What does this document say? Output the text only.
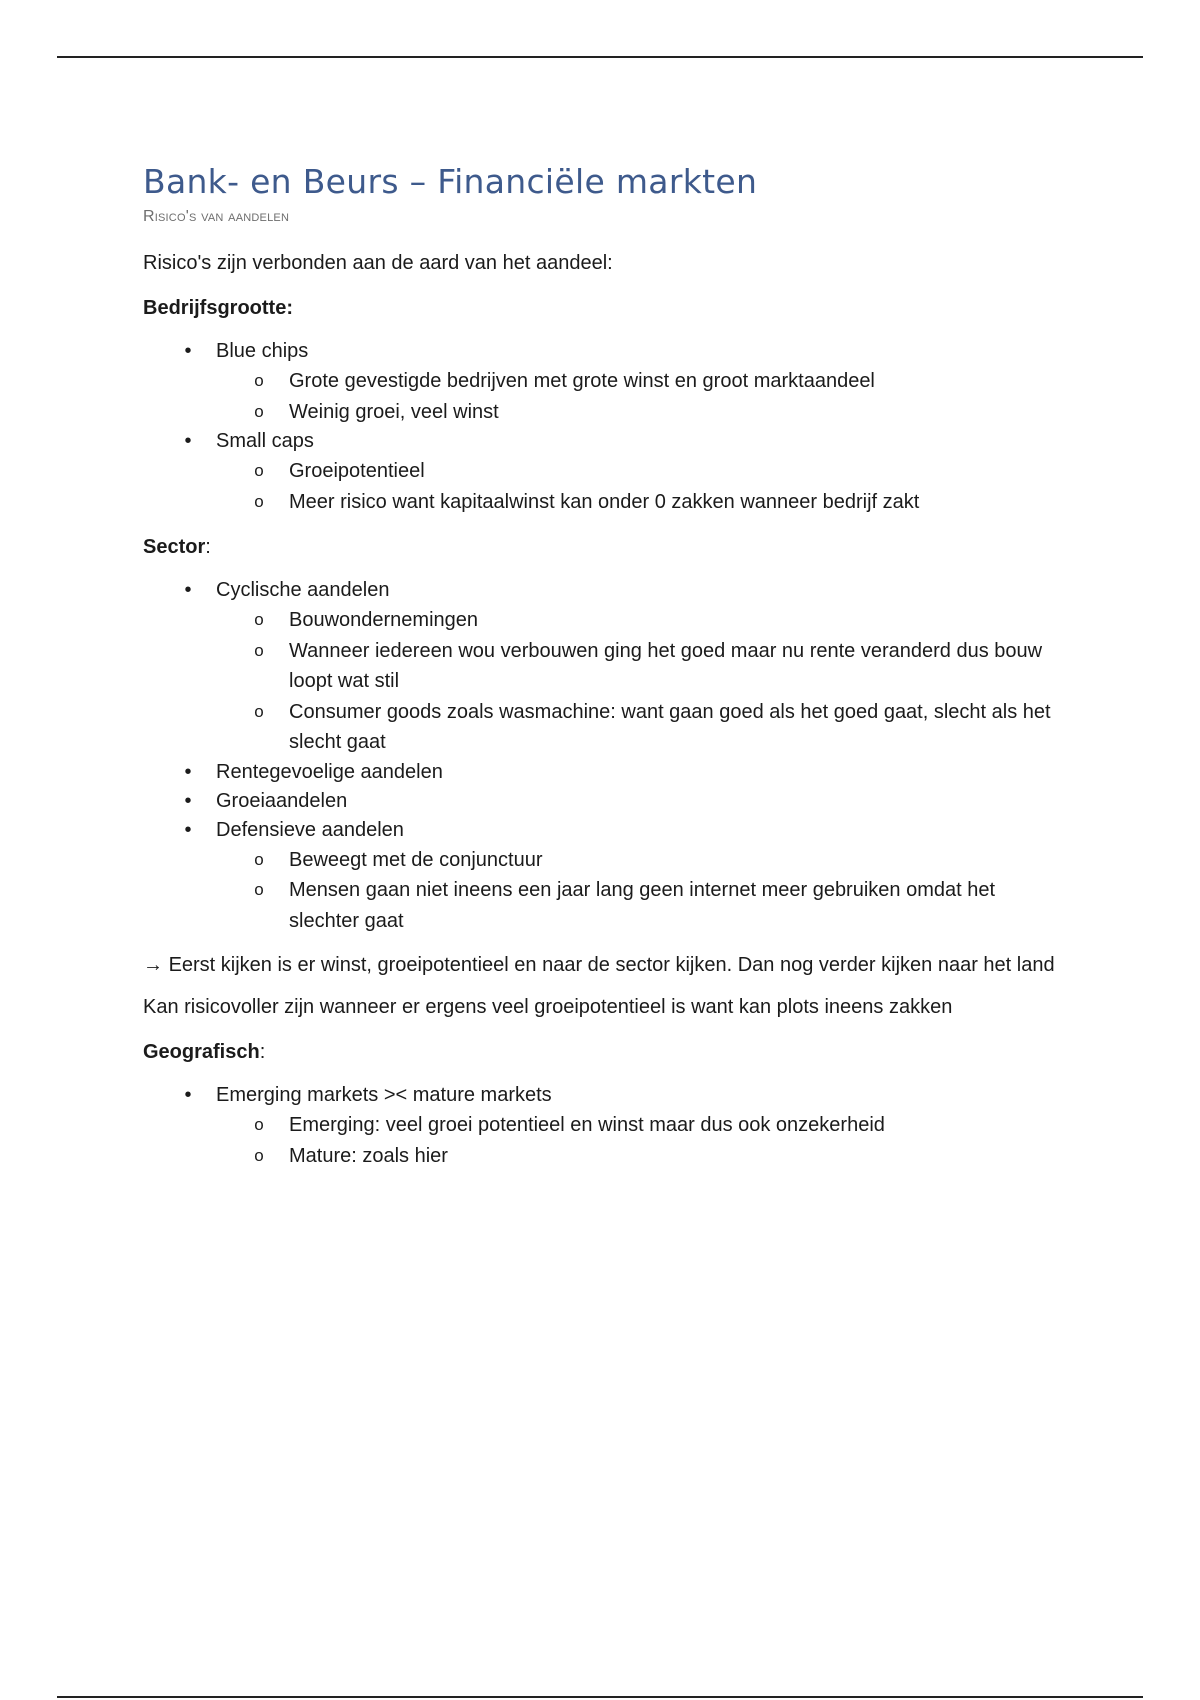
Bank- en Beurs – Financiële markten
Risico's van aandelen

Risico's zijn verbonden aan de aard van het aandeel:

Bedrijfsgrootte:

•	Blue chips
o Grote gevestigde bedrijven met grote winst en groot marktaandeel
o Weinig groei, veel winst
•	Small caps
o Groeipotentieel
o Meer risico want kapitaalwinst kan onder 0 zakken wanneer bedrijf zakt

Sector:

•	Cyclische aandelen
o Bouwondernemingen
o Wanneer iedereen wou verbouwen ging het goed maar nu rente veranderd dus bouw loopt wat stil
o Consumer goods zoals wasmachine: want gaan goed als het goed gaat, slecht als het slecht gaat
•	Rentegevoelige aandelen
•	Groeiaandelen
•	Defensieve aandelen
o Beweegt met de conjunctuur
o Mensen gaan niet ineens een jaar lang geen internet meer gebruiken omdat het slechter gaat

→ Eerst kijken is er winst, groeipotentieel en naar de sector kijken. Dan nog verder kijken naar het land

Kan risicovoller zijn wanneer er ergens veel groeipotentieel is want kan plots ineens zakken

Geografisch:

•	Emerging markets >< mature markets
o Emerging: veel groei potentieel en winst maar dus ook onzekerheid
o Mature: zoals hier
